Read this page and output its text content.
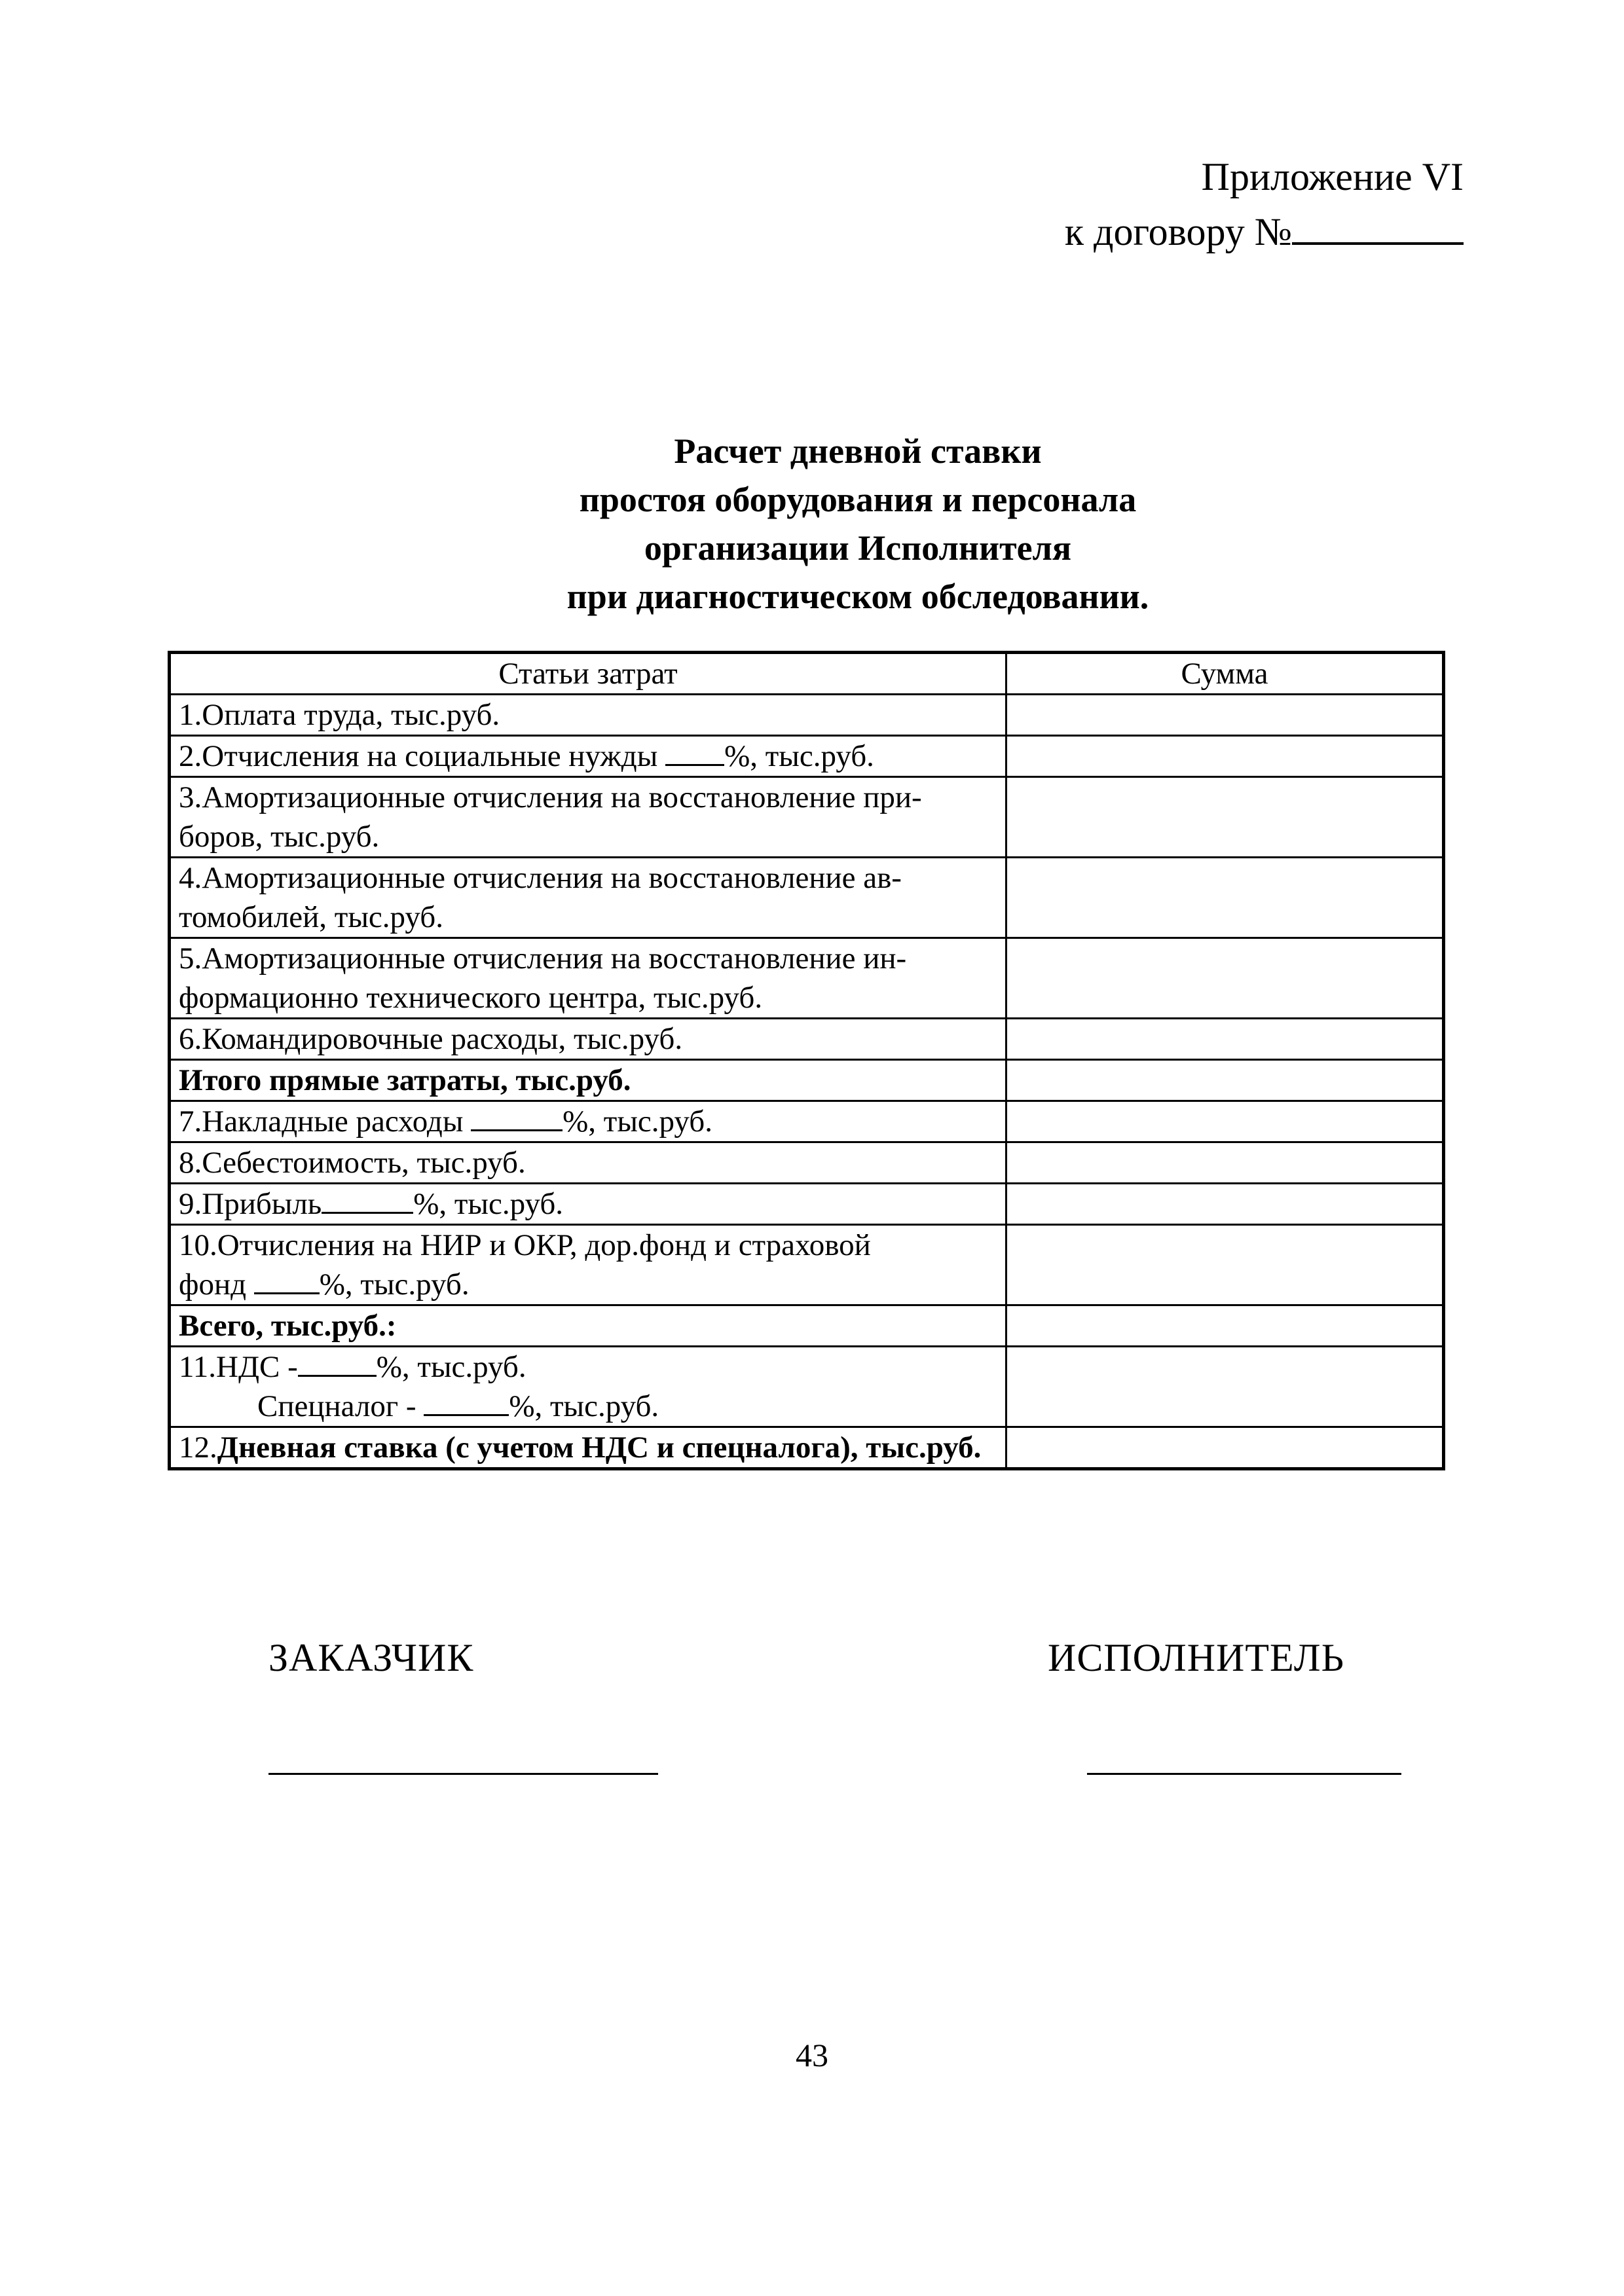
Приложение VI
к договору №
Расчет дневной ставки
простоя оборудования и персонала
организации Исполнителя
при диагностическом обследовании.
Статьи затрат	Сумма
1.Оплата труда, тыс.руб.	
2.Отчисления на социальные нужды %, тыс.руб.	
3.Амортизационные отчисления на восстановление при-боров, тыс.руб.	
4.Амортизационные отчисления на восстановление ав-томобилей, тыс.руб.	
5.Амортизационные отчисления на восстановление ин-формационно технического центра, тыс.руб.	
6.Командировочные расходы, тыс.руб.	
Итого прямые затраты, тыс.руб.	
7.Накладные расходы %, тыс.руб.	
8.Себестоимость, тыс.руб.	
9.Прибыль %, тыс.руб.	
10.Отчисления на НИР и ОКР, дор.фонд и страховой
фонд %, тыс.руб.	
Всего, тыс.руб.:	
11.НДС - %, тыс.руб.
Спецналог - %, тыс.руб.	

12.Дневная ставка (с учетом НДС и спецналога), тыс.руб.	
ЗАКАЗЧИК	ИСПОЛНИТЕЛЬ
43
